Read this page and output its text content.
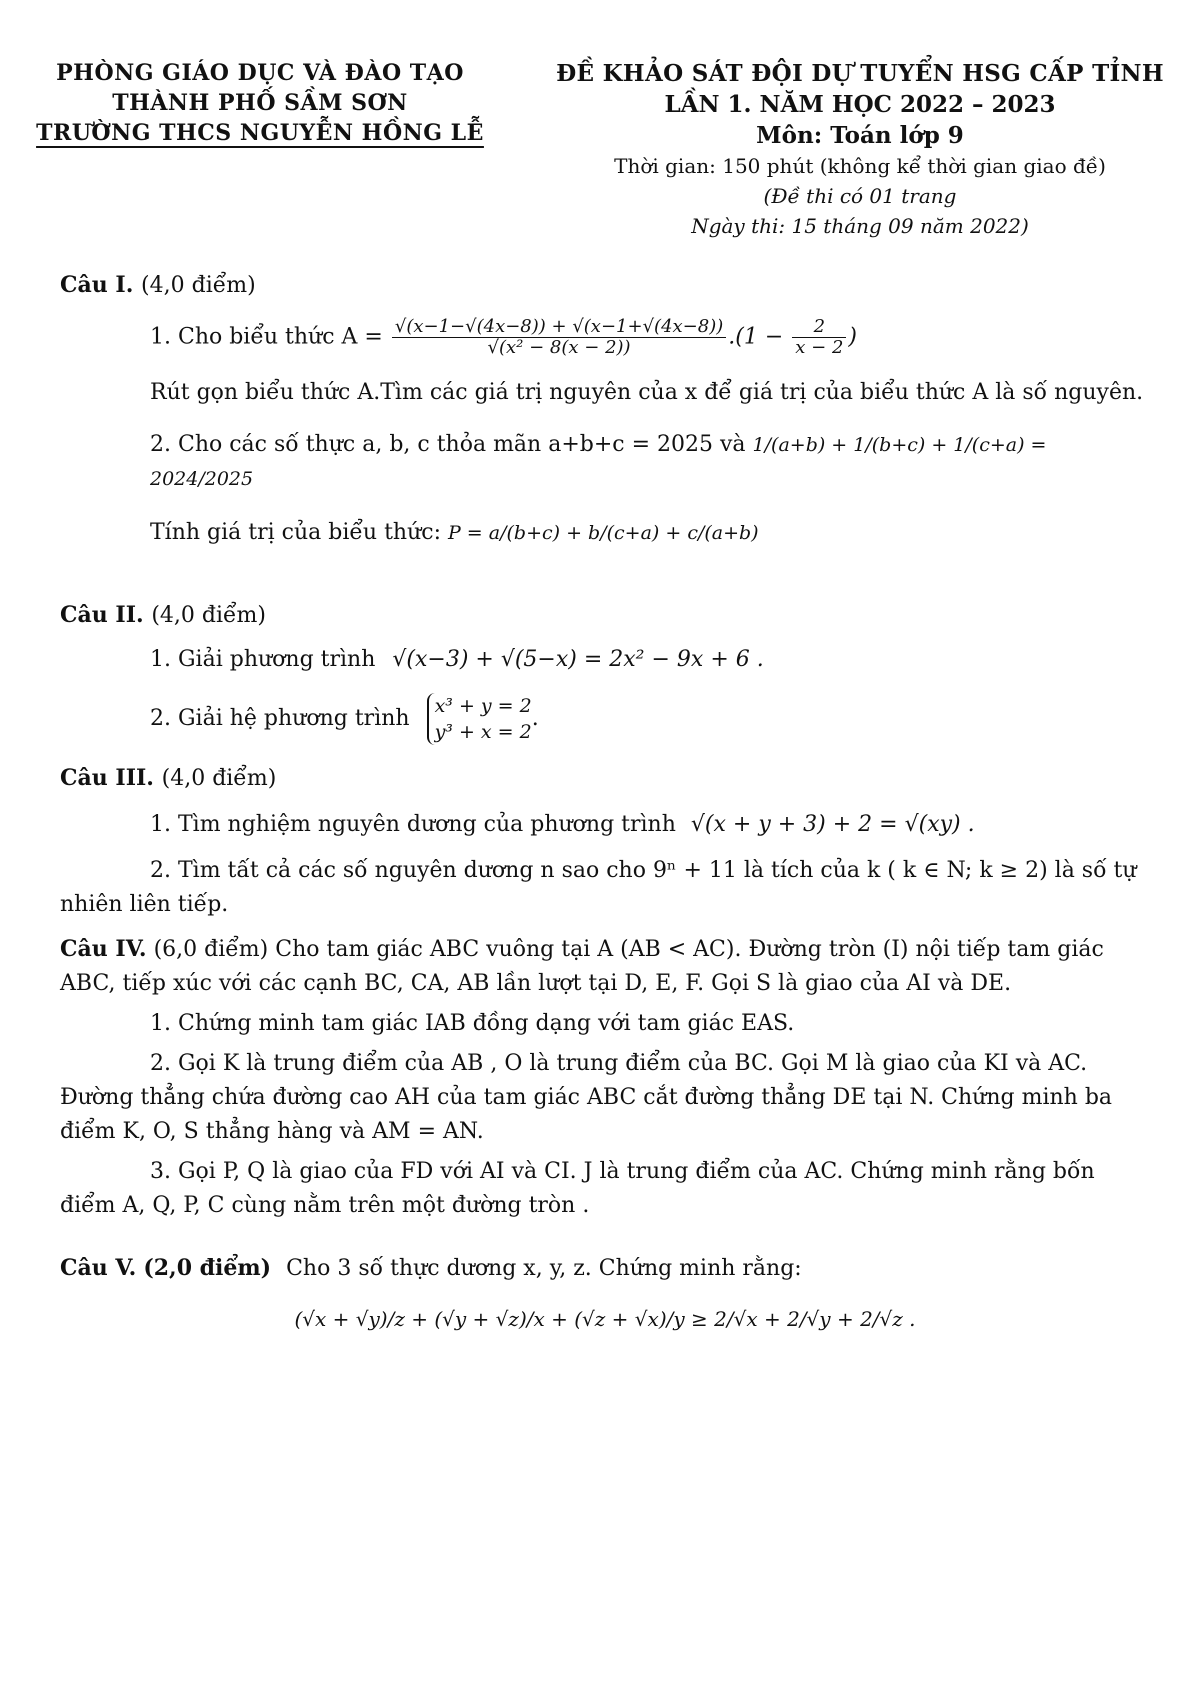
PHÒNG GIÁO DỤC VÀ ĐÀO TẠO
THÀNH PHỐ SẦM SƠN
TRƯỜNG THCS NGUYỄN HỒNG LỄ
ĐỀ KHẢO SÁT ĐỘI DỰ TUYỂN HSG CẤP TỈNH
LẦN 1. NĂM HỌC 2022 – 2023
Môn: Toán lớp 9
Thời gian: 150 phút (không kể thời gian giao đề)
(Đề thi có 01 trang
Ngày thi: 15 tháng 09 năm 2022)

Câu I. (4,0 điểm)

1. Cho biểu thức $A = \frac{√(x-1-√(4x-8)) + √(x-1+√(4x-8))}{\text{√(x² − 8(x − 2))}} .(1 - \frac{2}{x - 2}$ )

Rút gọn biểu thức A.Tìm các giá trị nguyên của x để giá trị của biểu thức A là số nguyên.

2. Cho các số thực a, b, c thỏa mãn a+b+c = 2025 và 1/(a+b) + 1/(b+c) + 1/(c+a) = 2024/2025

Tính giá trị của biểu thức: P = a/(b+c) + b/(c+a) + c/(a+b)

Câu II. (4,0 điểm)

1. Giải phương trình √(x−3) + √(5−x) = 2x² − 9x + 6 .

2. Giải hệ phương trình x³ + y = 2
y³ + x = 2
.

Câu III. (4,0 điểm)

1. Tìm nghiệm nguyên dương của phương trình √(x + y + 3) + 2 = √(xy) .

2. Tìm tất cả các số nguyên dương n sao cho 9ⁿ + 11 là tích của k ( k ∈ N; k ≥ 2) là số tự nhiên liên tiếp.

Câu IV. (6,0 điểm) Cho tam giác ABC vuông tại A (AB < AC). Đường tròn (I) nội tiếp tam giác ABC, tiếp xúc với các cạnh BC, CA, AB lần lượt tại D, E, F. Gọi S là giao của AI và DE.

1. Chứng minh tam giác IAB đồng dạng với tam giác EAS.

2. Gọi K là trung điểm của AB , O là trung điểm của BC. Gọi M là giao của KI và AC. Đường thẳng chứa đường cao AH của tam giác ABC cắt đường thẳng DE tại N. Chứng minh ba điểm K, O, S thẳng hàng và AM = AN.

3. Gọi P, Q là giao của FD với AI và CI. J là trung điểm của AC. Chứng minh rằng bốn điểm A, Q, P, C cùng nằm trên một đường tròn .

Câu V. (2,0 điểm) Cho 3 số thực dương x, y, z. Chứng minh rằng:

(√x + √y)/z + (√y + √z)/x + (√z + √x)/y ≥ 2/√x + 2/√y + 2/√z .
